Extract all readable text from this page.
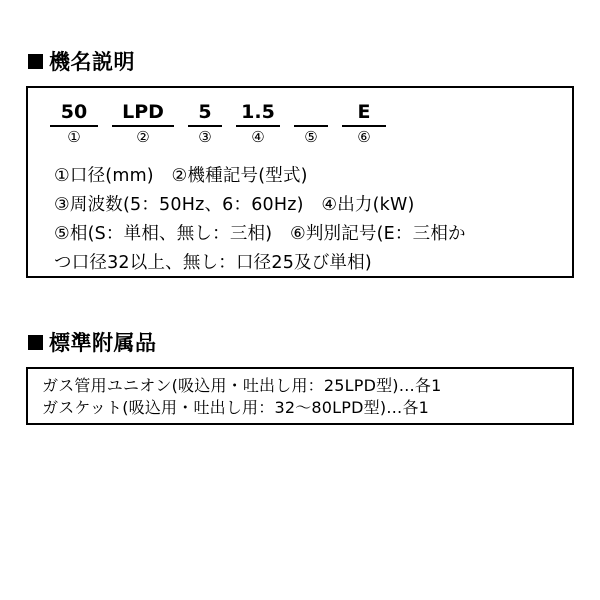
機名説明
50
①
LPD
②
5
③
1.5
④	⑤
E
⑥
①口径(mm)　②機種記号(型式)
③周波数(5：50Hz、6：60Hz)　④出力(kW)
⑤相(S：単相、無し：三相)　⑥判別記号(E：三相か
つ口径32以上、無し：口径25及び単相)
標準附属品
ガス管用ユニオン(吸込用・吐出し用：25LPD型)…各1
ガスケット(吸込用・吐出し用：32〜80LPD型)…各1
